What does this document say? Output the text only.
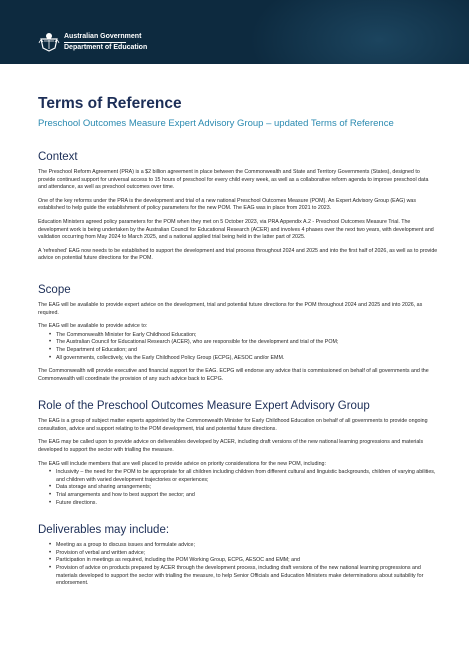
Australian Government
Department of Education
Terms of Reference

Preschool Outcomes Measure Expert Advisory Group – updated Terms of Reference

Context

The Preschool Reform Agreement (PRA) is a $2 billion agreement in place between the Commonwealth and State and Territory Governments (States), designed to provide continued support for universal access to 15 hours of preschool for every child every week, as well as a collaborative reform agenda to improve preschool data and attendance, as well as preschool outcomes over time.

One of the key reforms under the PRA is the development and trial of a new national Preschool Outcomes Measure (POM). An Expert Advisory Group (EAG) was established to help guide the establishment of policy parameters for the new POM. The EAG was in place from 2021 to 2023.

Education Ministers agreed policy parameters for the POM when they met on 5 October 2023, via PRA Appendix A.2 - Preschool Outcomes Measure Trial. The development work is being undertaken by the Australian Council for Educational Research (ACER) and involves 4 phases over the next two years, with development and validation occurring from May 2024 to March 2025, and a national applied trial being held in the latter part of 2025.

A 'refreshed' EAG now needs to be established to support the development and trial process throughout 2024 and 2025 and into the first half of 2026, as well as to provide advice on potential future directions for the POM.

Scope

The EAG will be available to provide expert advice on the development, trial and potential future directions for the POM throughout 2024 and 2025 and into 2026, as required.

The EAG will be available to provide advice to:

• The Commonwealth Minister for Early Childhood Education;
• The Australian Council for Educational Research (ACER), who are responsible for the development and trial of the POM;
• The Department of Education; and
• All governments, collectively, via the Early Childhood Policy Group (ECPG), AESOC and/or EMM.

The Commonwealth will provide executive and financial support for the EAG. ECPG will endorse any advice that is commissioned on behalf of all governments and the Commonwealth will coordinate the provision of any such advice back to ECPG.

Role of the Preschool Outcomes Measure Expert Advisory Group

The EAG is a group of subject matter experts appointed by the Commonwealth Minister for Early Childhood Education on behalf of all governments to provide ongoing consultation, advice and support relating to the POM development, trial and potential future directions.

The EAG may be called upon to provide advice on deliverables developed by ACER, including draft versions of the new national learning progressions and materials developed to support the sector with trialling the measure.

The EAG will include members that are well placed to provide advice on priority considerations for the new POM, including:

• Inclusivity – the need for the POM to be appropriate for all children including children from different cultural and linguistic backgrounds, children of varying abilities, and children with varied development trajectories or experiences;
• Data storage and sharing arrangements;
• Trial arrangements and how to best support the sector; and
• Future directions.
Deliverables may include:
• Meeting as a group to discuss issues and formulate advice;
• Provision of verbal and written advice;
• Participation in meetings as required, including the POM Working Group, ECPG, AESOC and EMM; and
• Provision of advice on products prepared by ACER through the development process, including draft versions of the new national learning progressions and materials developed to support the sector with trialling the measure, to help Senior Officials and Education Ministers make determinations about suitability for endorsement.
